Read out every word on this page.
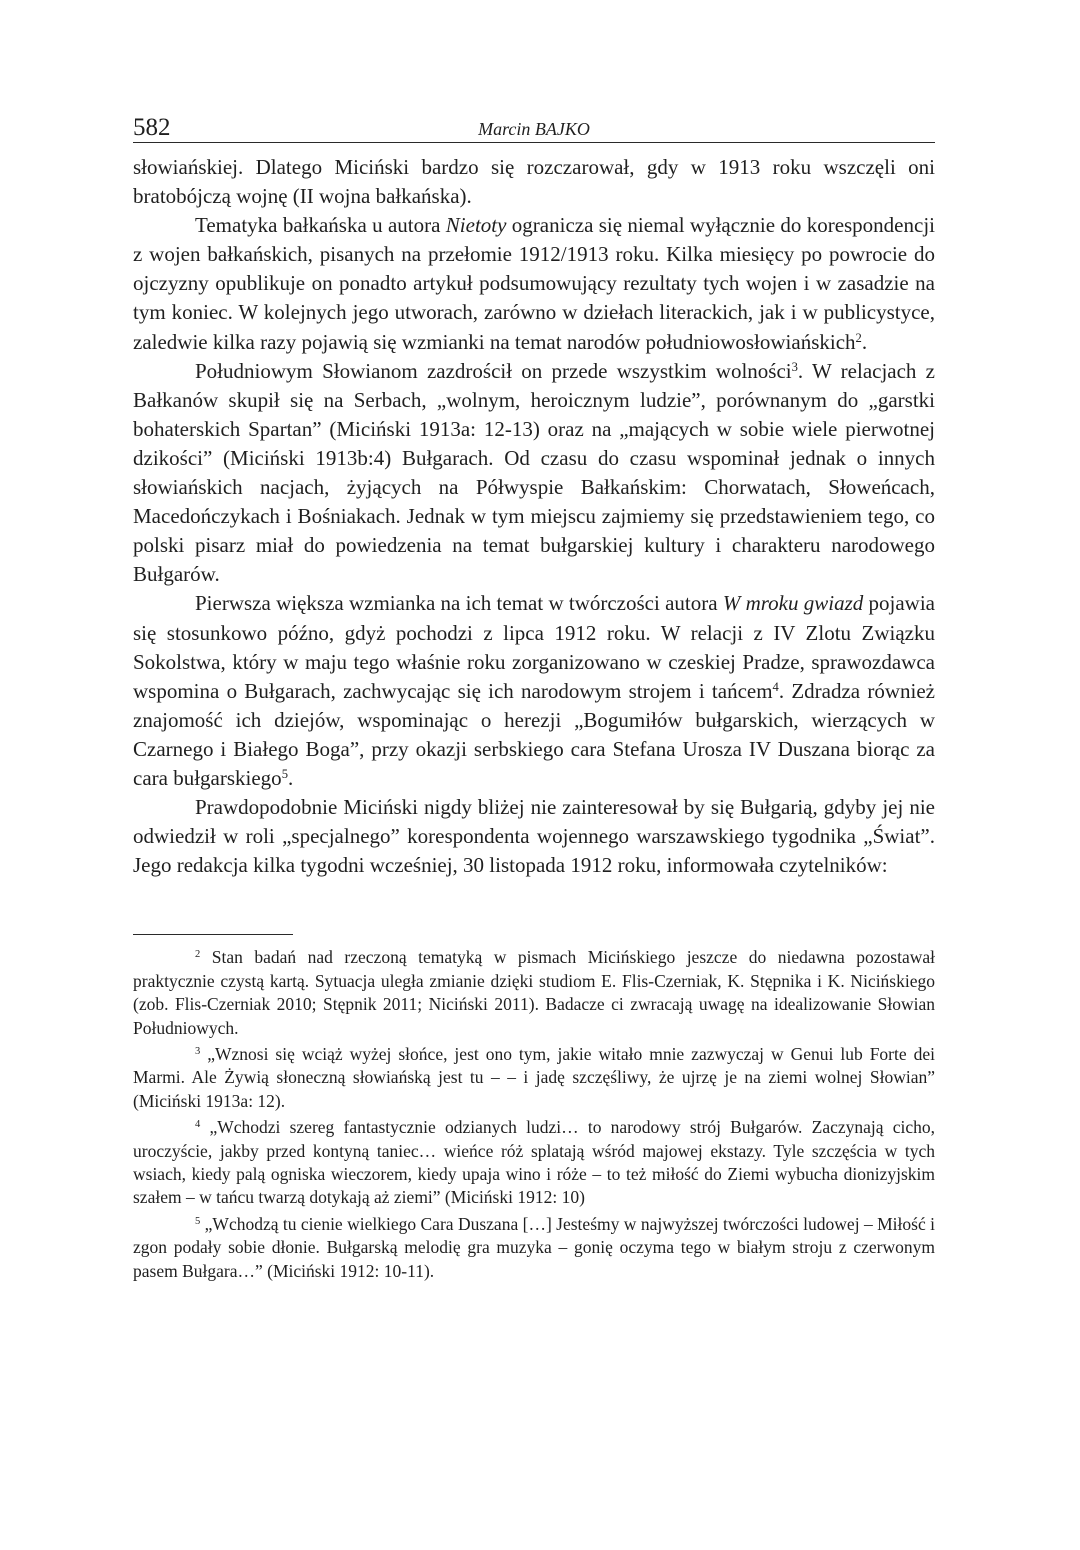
582	Marcin BAJKO

słowiańskiej. Dlatego Miciński bardzo się rozczarował, gdy w 1913 roku wszczęli oni bratobójczą wojnę (II wojna bałkańska).

Tematyka bałkańska u autora Nietoty ogranicza się niemal wyłącznie do korespondencji z wojen bałkańskich, pisanych na przełomie 1912/1913 roku. Kilka miesięcy po powrocie do ojczyzny opublikuje on ponadto artykuł podsumowujący rezultaty tych wojen i w zasadzie na tym koniec. W kolejnych jego utworach, zarówno w dziełach literackich, jak i w publicystyce, zaledwie kilka razy pojawią się wzmianki na temat narodów południowosłowiańskich$^2$.

Południowym Słowianom zazdrościł on przede wszystkim wolności$^3$. W relacjach z Bałkanów skupił się na Serbach, „wolnym, heroicznym ludzie”, porównanym do „garstki bohaterskich Spartan” (Miciński 1913a: 12-13) oraz na „mających w sobie wiele pierwotnej dzikości” (Miciński 1913b:4) Bułgarach. Od czasu do czasu wspominał jednak o innych słowiańskich nacjach, żyjących na Półwyspie Bałkańskim: Chorwatach, Słoweńcach, Macedończykach i Bośniakach. Jednak w tym miejscu zajmiemy się przedstawieniem tego, co polski pisarz miał do powiedzenia na temat bułgarskiej kultury i charakteru narodowego Bułgarów.

Pierwsza większa wzmianka na ich temat w twórczości autora W mroku gwiazd pojawia się stosunkowo późno, gdyż pochodzi z lipca 1912 roku. W relacji z IV Zlotu Związku Sokolstwa, który w maju tego właśnie roku zorganizowano w czeskiej Pradze, sprawozdawca wspomina o Bułgarach, zachwycając się ich narodowym strojem i tańcem$^4$. Zdradza również znajomość ich dziejów, wspominając o herezji „Bogumiłów bułgarskich, wierzących w Czarnego i Białego Boga”, przy okazji serbskiego cara Stefana Urosza IV Duszana biorąc za cara bułgarskiego$^5$.

Prawdopodobnie Miciński nigdy bliżej nie zainteresował by się Bułgarią, gdyby jej nie odwiedził w roli „specjalnego” korespondenta wojennego warszawskiego tygodnika „Świat”. Jego redakcja kilka tygodni wcześniej, 30 listopada 1912 roku, informowała czytelników:

$^2$ Stan badań nad rzeczoną tematyką w pismach Micińskiego jeszcze do niedawna pozostawał praktycznie czystą kartą. Sytuacja uległa zmianie dzięki studiom E. Flis-Czerniak, K. Stępnika i K. Nicińskiego (zob. Flis-Czerniak 2010; Stępnik 2011; Niciński 2011). Badacze ci zwracają uwagę na idealizowanie Słowian Południowych.

$^3$ „Wznosi się wciąż wyżej słońce, jest ono tym, jakie witało mnie zazwyczaj w Genui lub Forte dei Marmi. Ale Żywią słoneczną słowiańską jest tu – – i jadę szczęśliwy, że ujrzę je na ziemi wolnej Słowian” (Miciński 1913a: 12).

$^4$ „Wchodzi szereg fantastycznie odzianych ludzi… to narodowy strój Bułgarów. Zaczynają cicho, uroczyście, jakby przed kontyną taniec… wieńce róż splatają wśród majowej ekstazy. Tyle szczęścia w tych wsiach, kiedy palą ogniska wieczorem, kiedy upaja wino i róże – to też miłość do Ziemi wybucha dionizyjskim szałem – w tańcu twarzą dotykają aż ziemi” (Miciński 1912: 10)

$^5$ „Wchodzą tu cienie wielkiego Cara Duszana […] Jesteśmy w najwyższej twórczości ludowej – Miłość i zgon podały sobie dłonie. Bułgarską melodię gra muzyka – gonię oczyma tego w białym stroju z czerwonym pasem Bułgara…” (Miciński 1912: 10-11).
